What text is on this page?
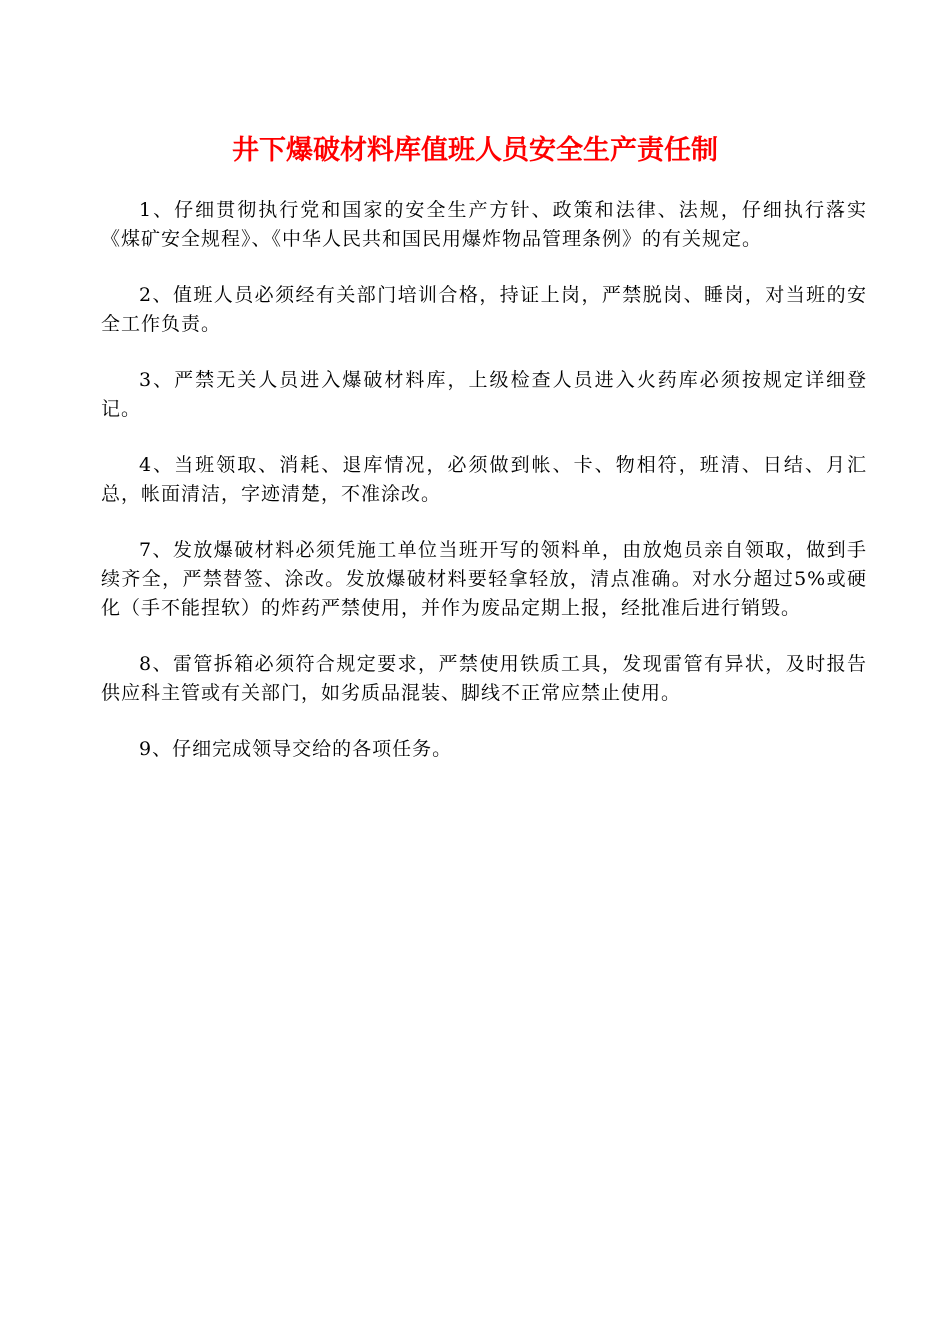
井下爆破材料库值班人员安全生产责任制

1、仔细贯彻执行党和国家的安全生产方针、政策和法律、法规，仔细执行落实《煤矿安全规程》、《中华人民共和国民用爆炸物品管理条例》的有关规定。

2、值班人员必须经有关部门培训合格，持证上岗，严禁脱岗、睡岗，对当班的安全工作负责。

3、严禁无关人员进入爆破材料库，上级检查人员进入火药库必须按规定详细登记。

4、当班领取、消耗、退库情况，必须做到帐、卡、物相符，班清、日结、月汇总，帐面清洁，字迹清楚，不准涂改。

7、发放爆破材料必须凭施工单位当班开写的领料单，由放炮员亲自领取，做到手续齐全，严禁替签、涂改。发放爆破材料要轻拿轻放，清点准确。对水分超过5%或硬化（手不能捏软）的炸药严禁使用，并作为废品定期上报，经批准后进行销毁。

8、雷管拆箱必须符合规定要求，严禁使用铁质工具，发现雷管有异状，及时报告供应科主管或有关部门，如劣质品混装、脚线不正常应禁止使用。

9、仔细完成领导交给的各项任务。
